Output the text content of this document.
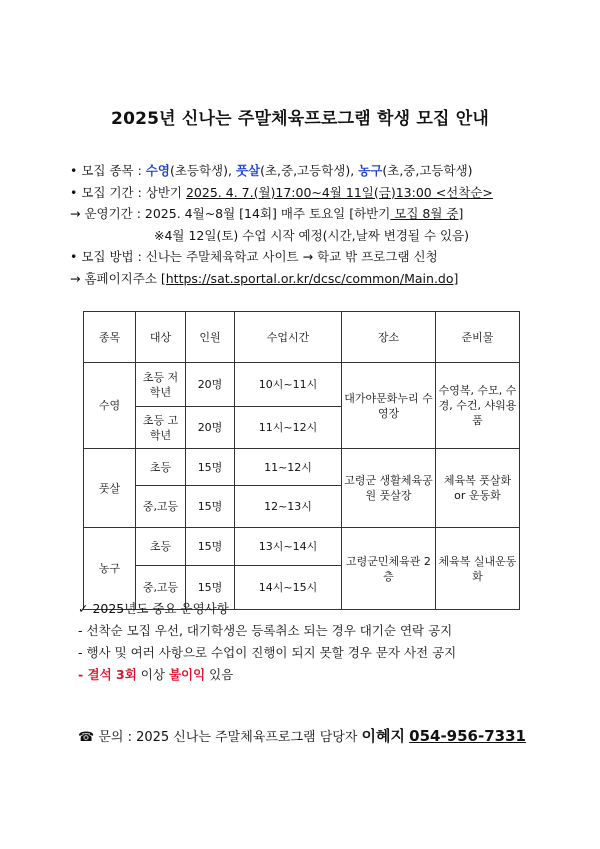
2025년 신나는 주말체육프로그램 학생 모집 안내
• 모집 종목 : 수영(초등학생), 풋살(초,중,고등학생), 농구(초,중,고등학생)
• 모집 기간 : 상반기 2025. 4. 7.(월)17:00~4월 11일(금)13:00 <선착순>
→ 운영기간 : 2025. 4월~8월 [14회] 매주 토요일 [하반기 모집 8월 중]
※4월 12일(토) 수업 시작 예정(시간,날짜 변경될 수 있음)
• 모집 방법 : 신나는 주말체육학교 사이트 → 학교 밖 프로그램 신청
→ 홈페이지주소 [https://sat.sportal.or.kr/dcsc/common/Main.do]
종목	대상	인원	수업시간	장소	준비물
수영	초등 저학년	20명	10시~11시	대가야문화누리 수영장	수영복, 수모, 수경, 수건, 샤워용품
	초등 고학년	20명	11시~12시		
풋살	초등	15명	11~12시	고령군 생활체육공원 풋살장	체육복 풋살화 or 운동화
	중,고등	15명	12~13시		
농구	초등	15명	13시~14시	고령군민체육관 2층	체육복 실내운동화
	중,고등	15명	14시~15시		
✓ 2025년도 중요 운영사항
- 선착순 모집 우선, 대기학생은 등록취소 되는 경우 대기순 연락 공지
- 행사 및 여러 사항으로 수업이 진행이 되지 못할 경우 문자 사전 공지
- 결석 3회 이상 불이익 있음
☎ 문의 : 2025 신나는 주말체육프로그램 담당자 이혜지 054-956-7331
